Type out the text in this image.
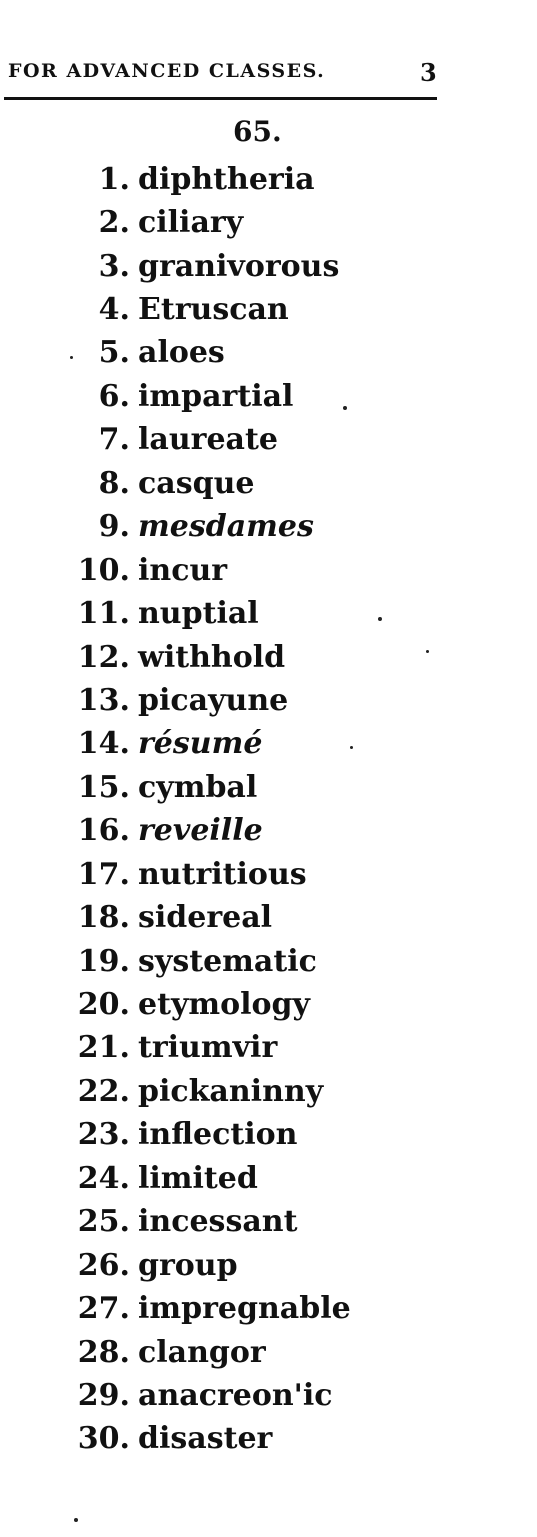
FOR ADVANCED CLASSES.	3
65.
1. diphtheria
2. ciliary
3. granivorous
4. Etruscan
5. aloes
6. impartial
7. laureate
8. casque
9. mesdames
10. incur
11. nuptial
12. withhold
13. picayune
14. résumé
15. cymbal
16. reveille
17. nutritious
18. sidereal
19. systematic
20. etymology
21. triumvir
22. pickaninny
23. inflection
24. limited
25. incessant
26. group
27. impregnable
28. clangor
29. anacreon'ic
30. disaster
